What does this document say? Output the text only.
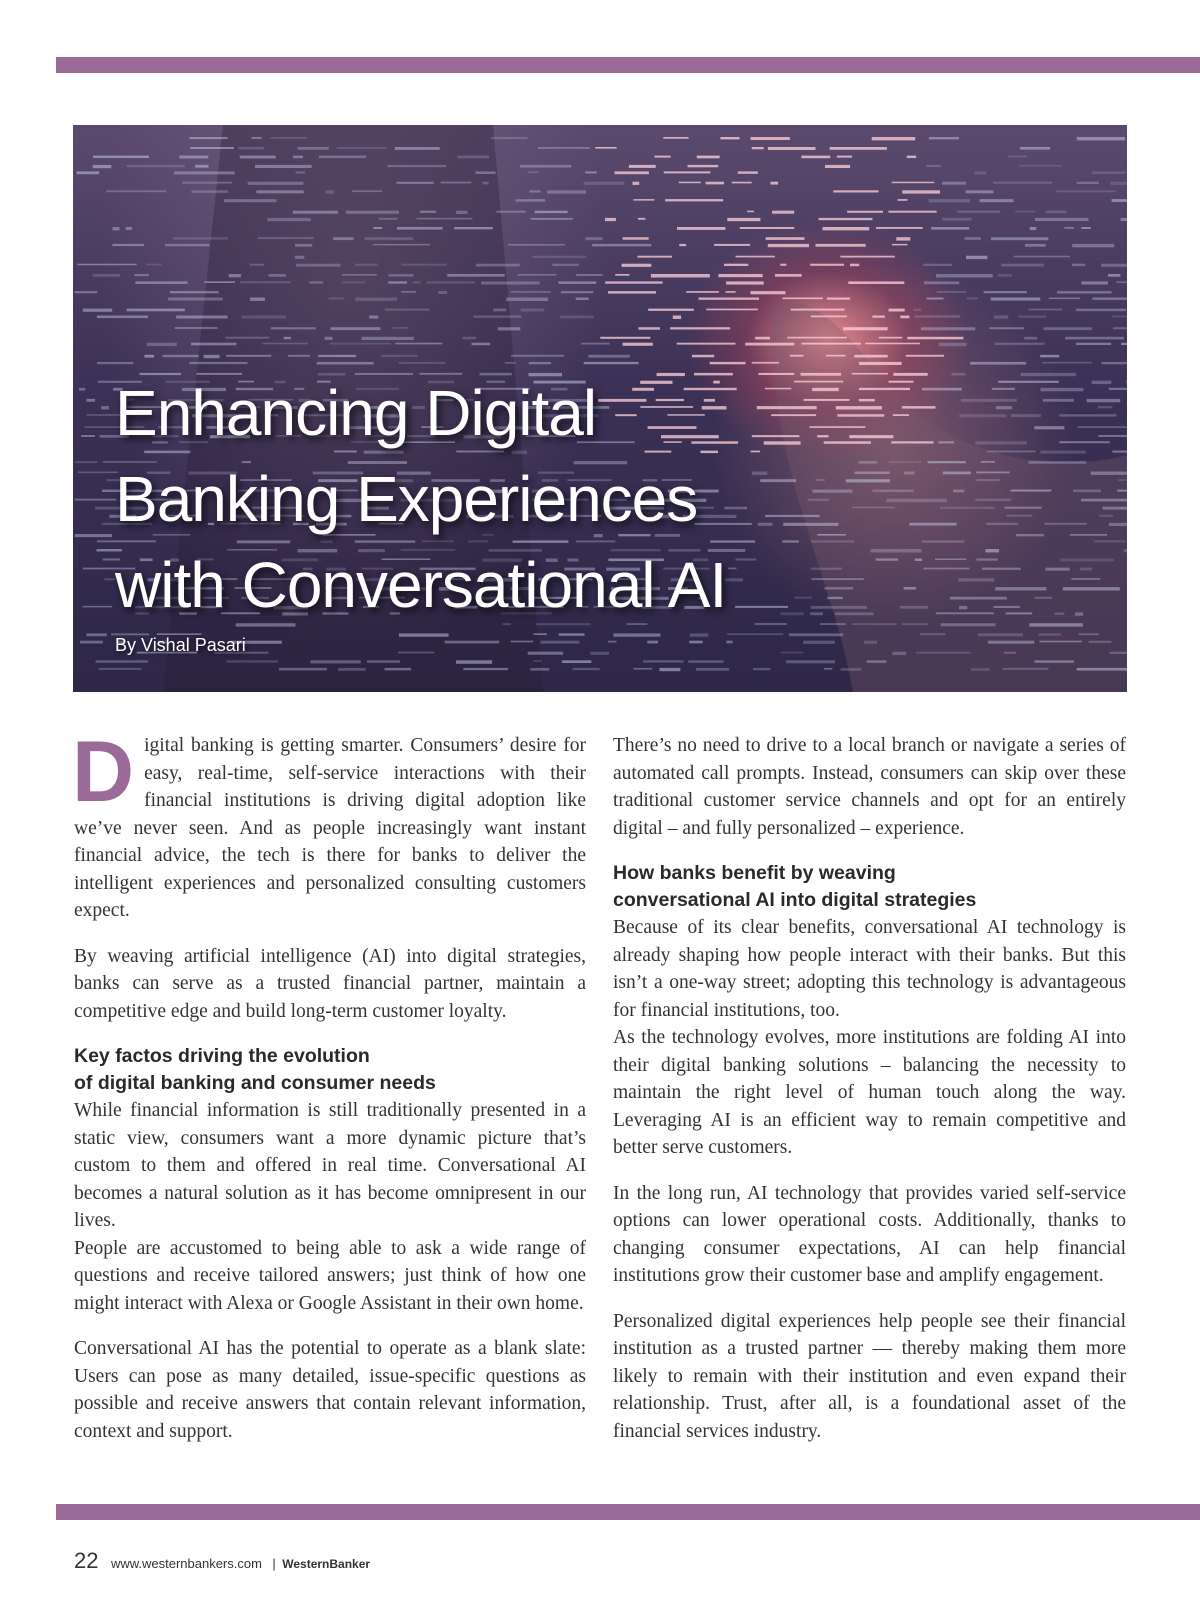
Enhancing Digital
Banking Experiences
with Conversational AI
By Vishal Pasari

Digital banking is getting smarter. Consumers’ desire for easy, real-time, self-service interactions with their financial institutions is driving digital adoption like we’ve never seen. And as people increasingly want instant financial advice, the tech is there for banks to deliver the intelligent experiences and personalized consulting customers expect.

By weaving artificial intelligence (AI) into digital strategies, banks can serve as a trusted financial partner, maintain a competitive edge and build long-term customer loyalty.

Key factos driving the evolution
of digital banking and consumer needs

While financial information is still traditionally presented in a static view, consumers want a more dynamic picture that’s custom to them and offered in real time. Conversational AI becomes a natural solution as it has become omnipresent in our lives.

People are accustomed to being able to ask a wide range of questions and receive tailored answers; just think of how one might interact with Alexa or Google Assistant in their own home.

Conversational AI has the potential to operate as a blank slate: Users can pose as many detailed, issue-specific questions as possible and receive answers that contain relevant information, context and support.

There’s no need to drive to a local branch or navigate a series of automated call prompts. Instead, consumers can skip over these traditional customer service channels and opt for an entirely digital – and fully personalized – experience.

How banks benefit by weaving
conversational AI into digital strategies

Because of its clear benefits, conversational AI technology is already shaping how people interact with their banks. But this isn’t a one-way street; adopting this technology is advantageous for financial institutions, too.

As the technology evolves, more institutions are folding AI into their digital banking solutions – balancing the necessity to maintain the right level of human touch along the way. Leveraging AI is an efficient way to remain competitive and better serve customers.

In the long run, AI technology that provides varied self-service options can lower operational costs. Additionally, thanks to changing consumer expectations, AI can help financial institutions grow their customer base and amplify engagement.

Personalized digital experiences help people see their financial institution as a trusted partner — thereby making them more likely to remain with their institution and even expand their relationship. Trust, after all, is a foundational asset of the financial services industry.

22 www.westernbankers.com | WesternBanker
